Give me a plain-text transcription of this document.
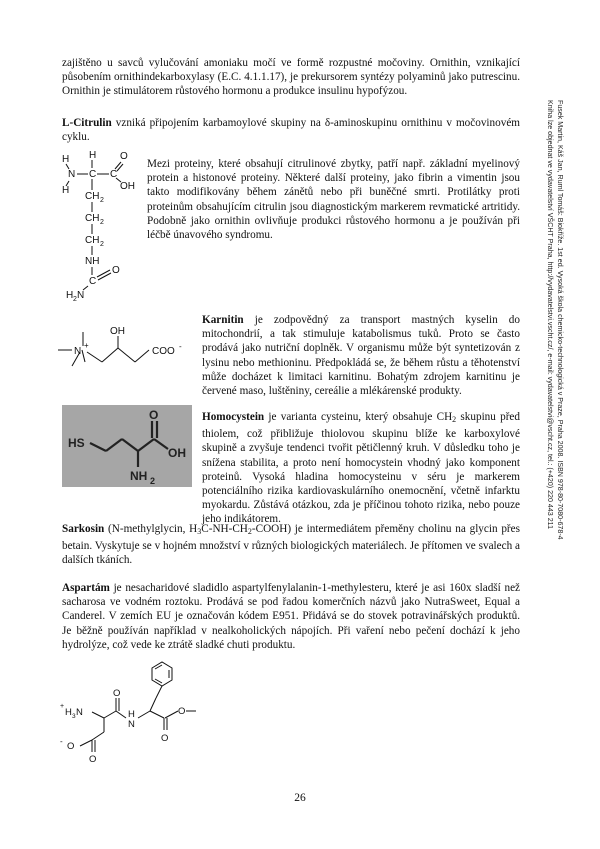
zajištěno u savců vylučování amoniaku močí ve formě rozpustné močoviny. Ornithin, vznikající působením ornithindekarboxylasy (E.C. 4.1.1.17), je prekursorem syntézy polyaminů jako putrescinu. Ornithin je stimulátorem růstového hormonu a produkce insulinu hypofýzou.

L-Citrulin vzniká připojením karbamoylové skupiny na δ-aminoskupinu ornithinu v močovinovém cyklu.

H H
N C C
O
OH
H
CH 2
CH 2
CH 2
NH
C
O
H 2 N

Mezi proteiny, které obsahují citrulinové zbytky, patří např. základní myelinový protein a histonové proteiny. Některé další proteiny, jako fibrin a vimentin jsou takto modifikovány během zánětů nebo při buněčné smrti. Protilátky proti proteinům obsahujícím citrulin jsou diagnostickým markerem revmatické artritidy. Podobně jako ornithin ovlivňuje produkci růstového hormonu a je používán při léčbě únavového syndromu.

OH
N
+
COO -

Karnitin je zodpovědný za transport mastných kyselin do mitochondrií, a tak stimuluje katabolismus tuků. Proto se často prodává jako nutriční doplněk. V organismu může být syntetizován z lysinu nebo methioninu. Předpokládá se, že během růstu a těhotenství může docházet k limitaci karnitinu. Bohatým zdrojem karnitinu je červené maso, luštěniny, cereálie a mlékárenské produkty.

HS
O
OH
NH 2

Homocystein je varianta cysteinu, který obsahuje $CH_2$ skupinu před thiolem, což přibližuje thiolovou skupinu blíže ke karboxylové skupině a zvyšuje tendenci tvořit pětičlenný kruh. V důsledku toho je snížena stabilita, a proto není homocystein vhodný jako komponent proteinů. Vysoká hladina homocysteinu v séru je markerem potenciálního rizika kardiovaskulárního onemocnění, včetně infarktu myokardu. Zůstává otázkou, zda je příčinou tohoto rizika, nebo pouze jeho indikátorem.

Sarkosin (N-methylglycin, $H_3C-NH-CH_2-COOH$) je intermediátem přeměny cholinu na glycin přes betain. Vyskytuje se v hojném množství v různých biologických materiálech. Je přítomen ve svalech a dalších tkáních.

Aspartám je nesacharidové sladidlo aspartylfenylalanin-1-methylesteru, které je asi 160x sladší než sacharosa ve vodném roztoku. Prodává se pod řadou komerčních názvů jako NutraSweet, Equal a Canderel. V zemích EU je označován kódem E951. Přidává se do stovek potravinářských produktů. Je běžně používán například v nealkoholických nápojích. Při vaření nebo pečení dochází k jeho hydrolýze, což vede ke ztrátě sladké chuti produktu.

+
H 3 N
O
H
N
O
O
O
- O
Fusek Martin, Káš Jan, Ruml Tomáš: Biokříže. 1st ed. Vysoká škola chemicko-technologická v Praze, Praha 2008. ISBN 978-80-7080-678-4
Kniha lze objednat ve vydavatelství VŠCHT Praha, http://vydavatelstvi.vscht.cz/, e-mail: vydavatelstvi@vscht.cz, tel.: (+420) 220 443 211
26
